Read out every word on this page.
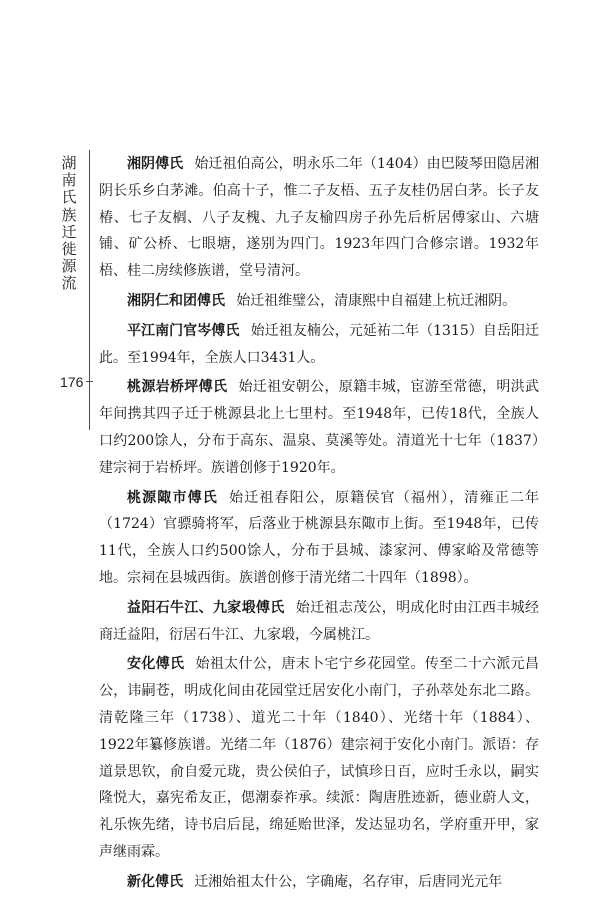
湖南氏族迁徙源流
176

湘阴傅氏 始迁祖伯高公，明永乐二年（1404）由巴陵琴田隐居湘阴长乐乡白茅滩。伯高十子，惟二子友梧、五子友桂仍居白茅。长子友椿、七子友榈、八子友槐、九子友榆四房子孙先后析居傅家山、六塘铺、矿公桥、七眼塘，遂别为四门。1923年四门合修宗谱。1932年梧、桂二房续修族谱，堂号清河。

湘阴仁和团傅氏 始迁祖维璧公，清康熙中自福建上杭迁湘阴。

平江南门官岑傅氏 始迁祖友楠公，元延祐二年（1315）自岳阳迁此。至1994年，全族人口3431人。

桃源岩桥坪傅氏 始迁祖安朝公，原籍丰城，宦游至常德，明洪武年间携其四子迁于桃源县北上七里村。至1948年，已传18代，全族人口约200馀人，分布于高东、温泉、莫溪等处。清道光十七年（1837）建宗祠于岩桥坪。族谱创修于1920年。

桃源陬市傅氏 始迁祖春阳公，原籍侯官（福州），清雍正二年（1724）官骠骑将军，后落业于桃源县东陬市上街。至1948年，已传11代，全族人口约500馀人，分布于县城、漆家河、傅家峪及常德等地。宗祠在县城西街。族谱创修于清光绪二十四年（1898）。

益阳石牛江、九家塅傅氏 始迁祖志茂公，明成化时由江西丰城经商迁益阳，衍居石牛江、九家塅，今属桃江。

安化傅氏 始祖太什公，唐末卜宅宁乡花园堂。传至二十六派元昌公，讳嗣苍，明成化间由花园堂迁居安化小南门，子孙萃处东北二路。清乾隆三年（1738）、道光二十年（1840）、光绪十年（1884）、1922年纂修族谱。光绪二年（1876）建宗祠于安化小南门。派语：存道景思钦，俞自爱元珑，贵公侯伯子，试慎珍日百，应时壬永以，嗣实隆悦大，嘉宪希友正，偲潮泰祚承。续派：陶唐胜迹新，德业蔚人文，礼乐恢先绪，诗书启后昆，绵延贻世泽，发达显功名，学府重开甲，家声继雨霖。

新化傅氏 迁湘始祖太什公，字确庵，名存审，后唐同光元年
